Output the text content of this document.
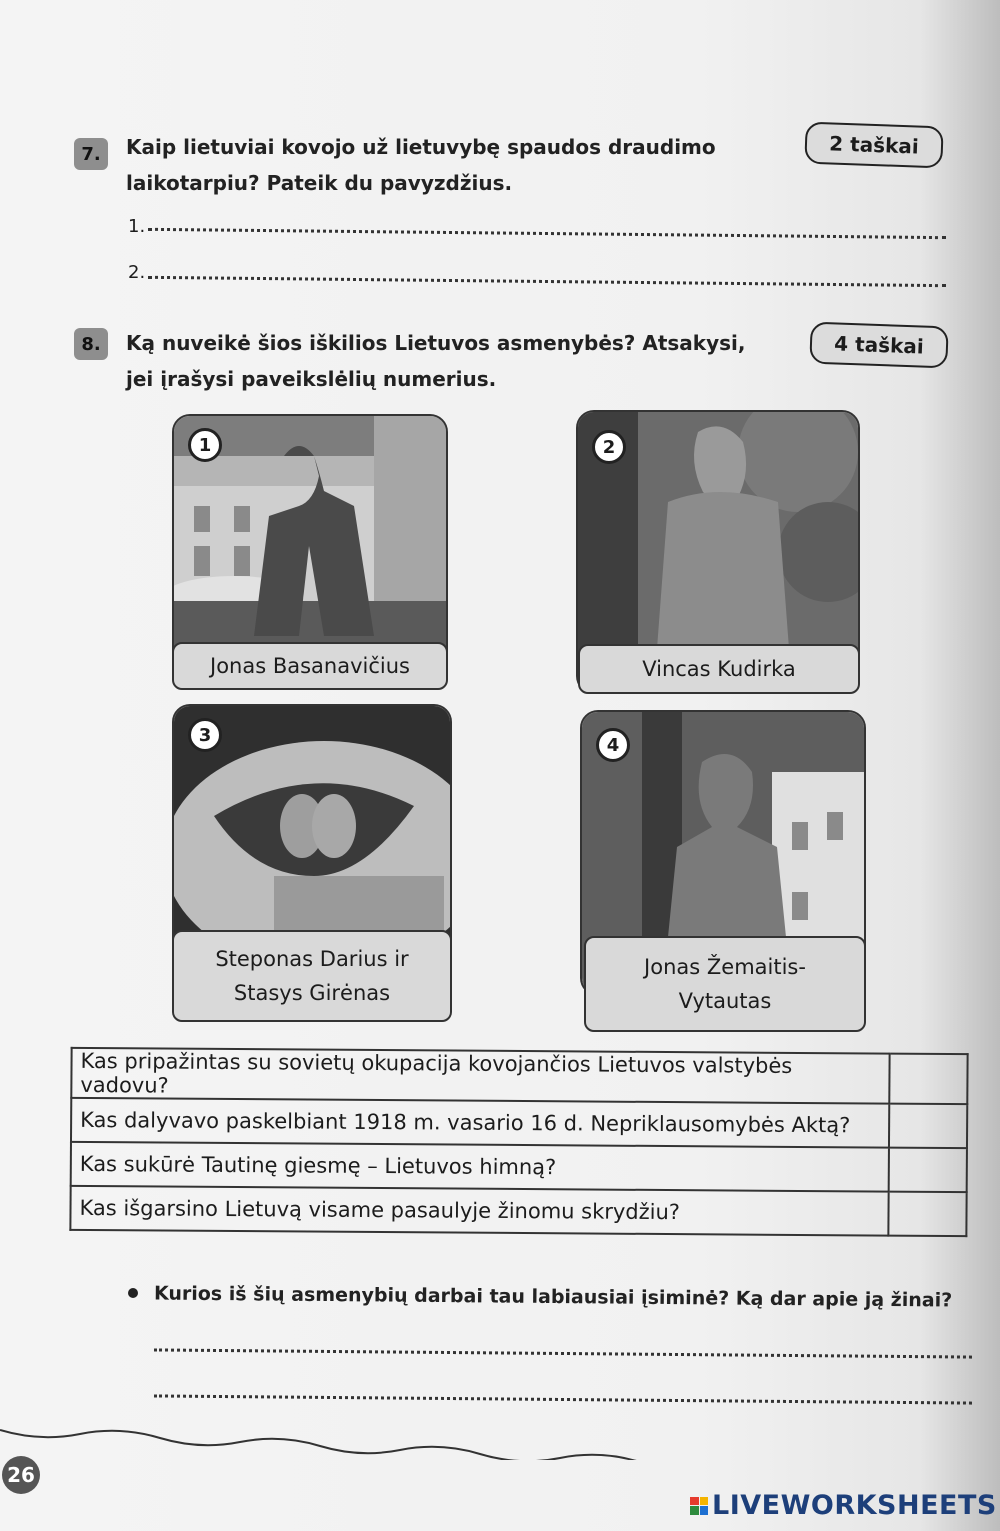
7.	Kaip lietuviai kovojo už lietuvybę spaudos draudimo
laikotarpiu? Pateik du pavyzdžius.
2 taškai
1.
2.
8.	Ką nuveikė šios iškilios Lietuvos asmenybės? Atsakysi,
jei įrašysi paveikslėlių numerius.
4 taškai
1
Jonas Basanavičius
2
Vincas Kudirka
3
Steponas Darius ir
Stasys Girėnas
4
Jonas Žemaitis-
Vytautas
Kas pripažintas su sovietų okupacija kovojančios Lietuvos valstybės vadovu?	
Kas dalyvavo paskelbiant 1918 m. vasario 16 d. Nepriklausomybės Aktą?	
Kas sukūrė Tautinę giesmę – Lietuvos himną?	
Kas išgarsino Lietuvą visame pasaulyje žinomu skrydžiu?	
Kurios iš šių asmenybių darbai tau labiausiai įsiminė? Ką dar apie ją žinai?
26
LIVEWORKSHEETS
